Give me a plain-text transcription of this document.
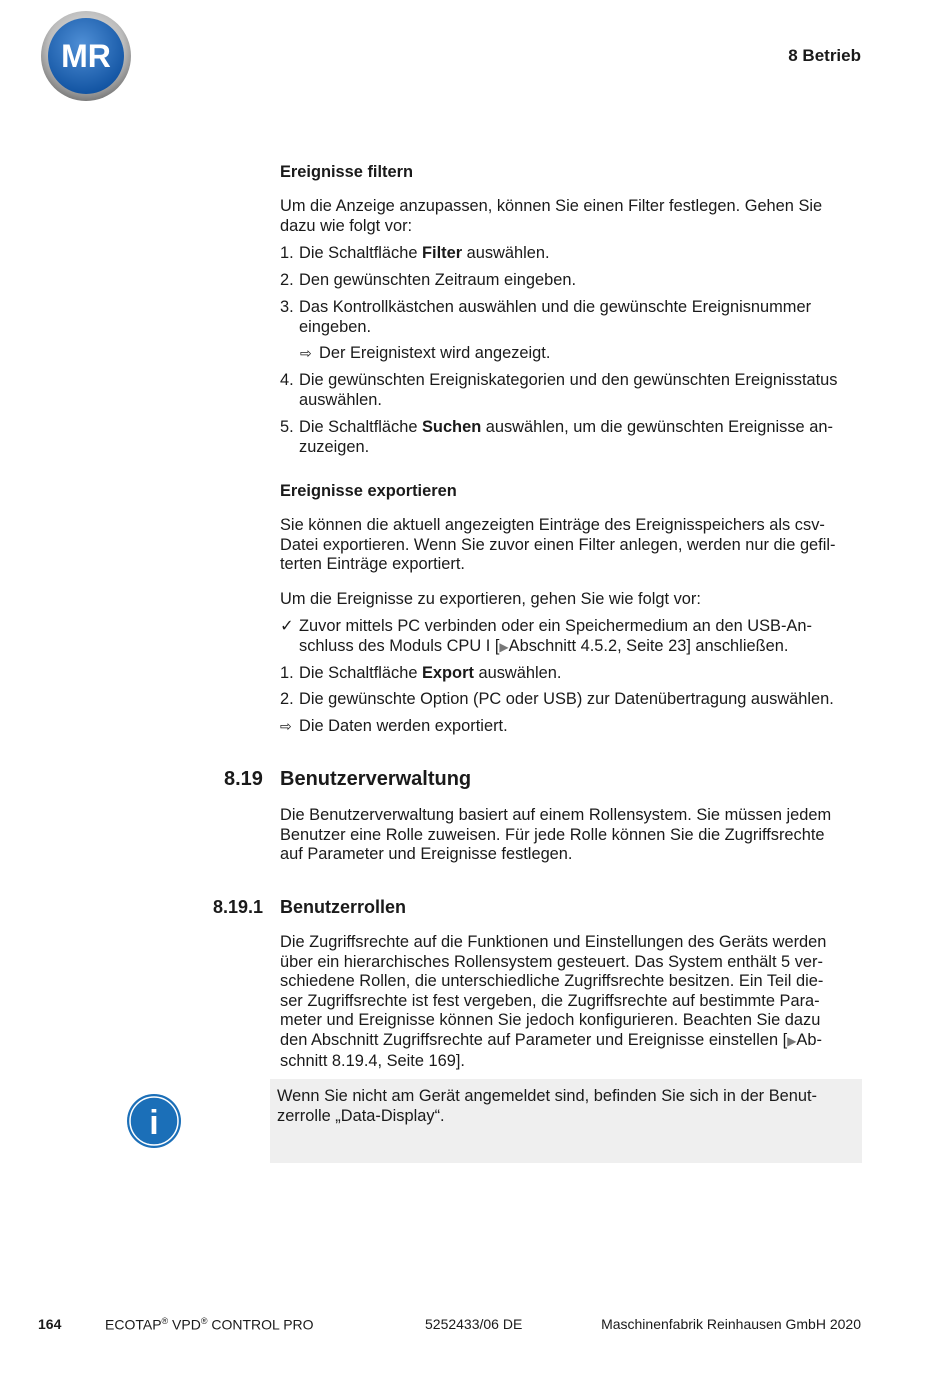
MR	8 Betrieb
Ereignisse filtern

Um die Anzeige anzupassen, können Sie einen Filter festlegen. Gehen Sie

dazu wie folgt vor:

1. Die Schaltfläche Filter auswählen.
2. Den gewünschten Zeitraum eingeben.
3. Das Kontrollkästchen auswählen und die gewünschte Ereignisnummer
eingeben.
⇨ Der Ereignistext wird angezeigt.
4. Die gewünschten Ereigniskategorien und den gewünschten Ereignisstatus
auswählen.
5. Die Schaltfläche Suchen auswählen, um die gewünschten Ereignisse an-
zuzeigen.
Ereignisse exportieren

Sie können die aktuell angezeigten Einträge des Ereignisspeichers als csv-

Datei exportieren. Wenn Sie zuvor einen Filter anlegen, werden nur die gefil-

terten Einträge exportiert.

Um die Ereignisse zu exportieren, gehen Sie wie folgt vor:

✓ Zuvor mittels PC verbinden oder ein Speichermedium an den USB-An-
schluss des Moduls CPU I [▶Abschnitt 4.5.2, Seite 23] anschließen.
1. Die Schaltfläche Export auswählen.
2. Die gewünschte Option (PC oder USB) zur Datenübertragung auswählen.
⇨ Die Daten werden exportiert.
8.19 Benutzerverwaltung

Die Benutzerverwaltung basiert auf einem Rollensystem. Sie müssen jedem

Benutzer eine Rolle zuweisen. Für jede Rolle können Sie die Zugriffsrechte

auf Parameter und Ereignisse festlegen.

8.19.1 Benutzerrollen

Die Zugriffsrechte auf die Funktionen und Einstellungen des Geräts werden

über ein hierarchisches Rollensystem gesteuert. Das System enthält 5 ver-

schiedene Rollen, die unterschiedliche Zugriffsrechte besitzen. Ein Teil die-

ser Zugriffsrechte ist fest vergeben, die Zugriffsrechte auf bestimmte Para-

meter und Ereignisse können Sie jedoch konfigurieren. Beachten Sie dazu

den Abschnitt Zugriffsrechte auf Parameter und Ereignisse einstellen [▶Ab-

schnitt 8.19.4, Seite 169].

i

Wenn Sie nicht am Gerät angemeldet sind, befinden Sie sich in der Benut-

zerrolle „Data-Display“.

164	ECOTAP® VPD® CONTROL PRO	5252433/06 DE	Maschinenfabrik Reinhausen GmbH 2020
